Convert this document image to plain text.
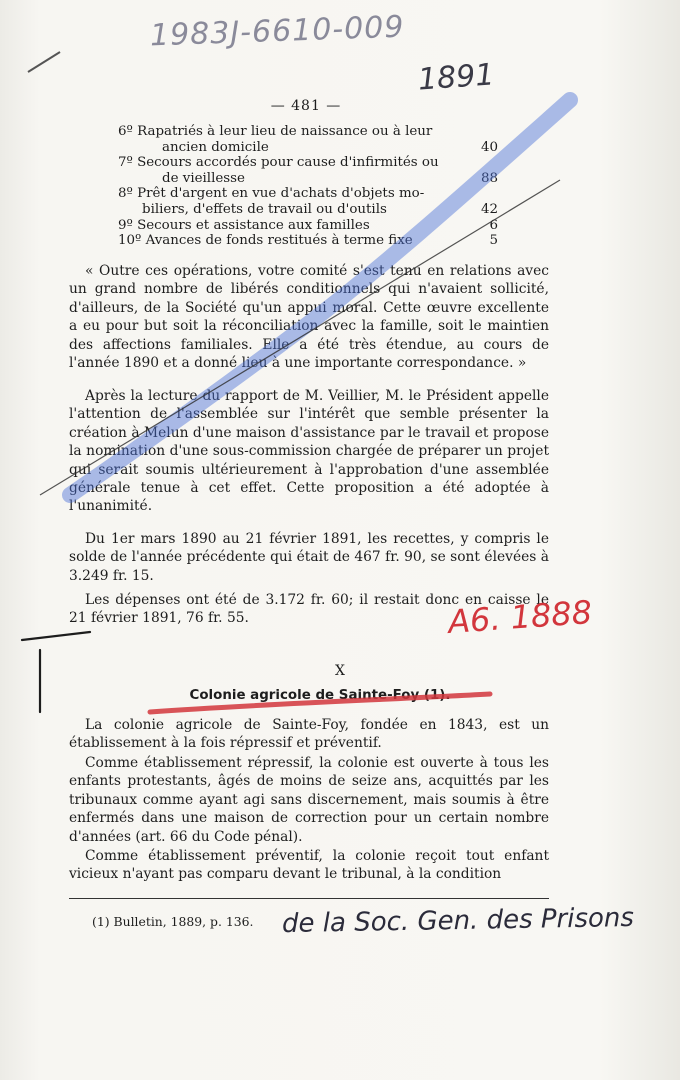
1983J-6610-009
1891
— 481 —
6º Rapatriés à leur lieu de naissance ou à leur
ancien domicile	40
7º Secours accordés pour cause d'infirmités ou
de vieillesse	88
8º Prêt d'argent en vue d'achats d'objets mo-
biliers, d'effets de travail ou d'outils	42
9º Secours et assistance aux familles	6
10º Avances de fonds restitués à terme fixe	5

« Outre ces opérations, votre comité s'est tenu en relations avec un grand nombre de libérés conditionnels qui n'avaient sollicité, d'ailleurs, de la Société qu'un appui moral. Cette œuvre excellente a eu pour but soit la réconciliation avec la famille, soit le maintien des affections familiales. Elle a été très étendue, au cours de l'année 1890 et a donné lieu à une importante correspondance. »

Après la lecture du rapport de M. Veillier, M. le Président appelle l'attention de l'assemblée sur l'intérêt que semble présenter la création à Melun d'une maison d'assistance par le travail et propose la nomination d'une sous-commission chargée de préparer un projet qui serait soumis ultérieurement à l'approbation d'une assemblée générale tenue à cet effet. Cette proposition a été adoptée à l'unanimité.

Du 1er mars 1890 au 21 février 1891, les recettes, y compris le solde de l'année précédente qui était de 467 fr. 90, se sont élevées à 3.249 fr. 15.

Les dépenses ont été de 3.172 fr. 60; il restait donc en caisse le 21 février 1891, 76 fr. 55.

X
Colonie agricole de Sainte-Foy (1).

La colonie agricole de Sainte-Foy, fondée en 1843, est un établissement à la fois répressif et préventif.

Comme établissement répressif, la colonie est ouverte à tous les enfants protestants, âgés de moins de seize ans, acquittés par les tribunaux comme ayant agi sans discernement, mais soumis à être enfermés dans une maison de correction pour un certain nombre d'années (art. 66 du Code pénal).

Comme établissement préventif, la colonie reçoit tout enfant vicieux n'ayant pas comparu devant le tribunal, à la condition

(1) Bulletin, 1889, p. 136.
A6. 1888
de la Soc. Gen. des Prisons
